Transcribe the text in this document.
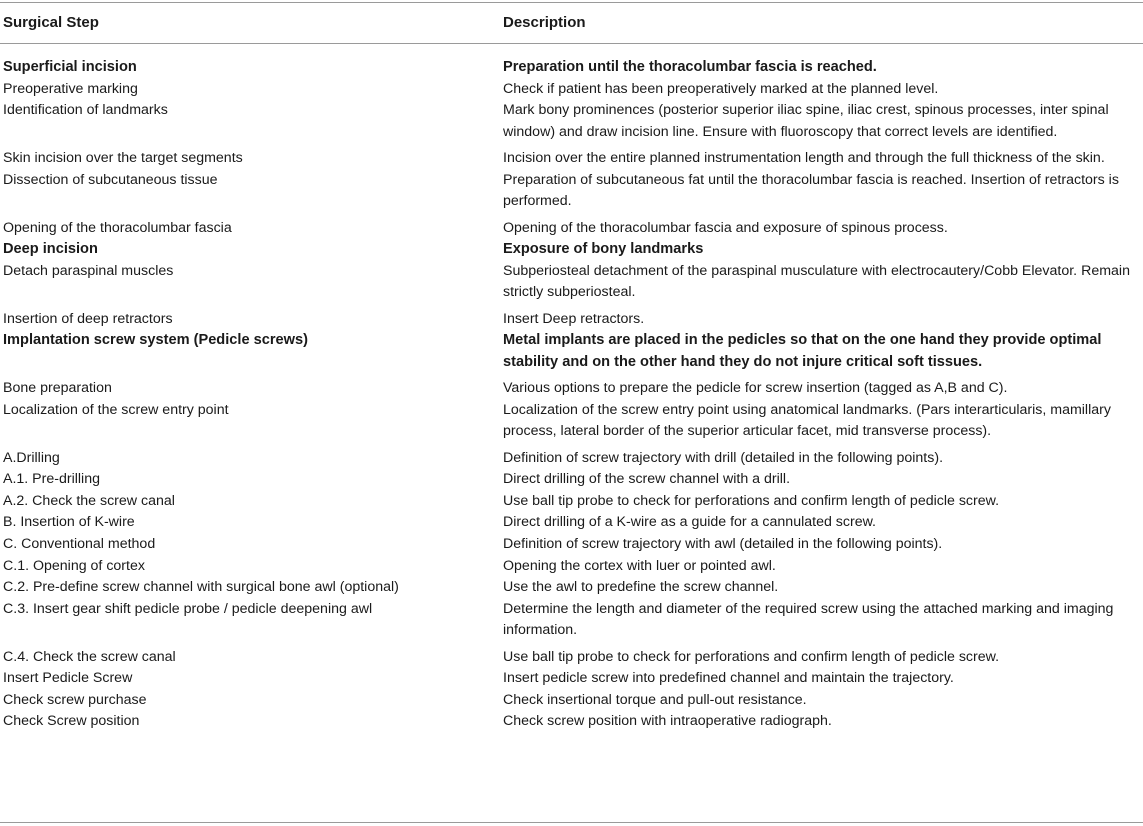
Surgical Step	Description
Superficial incision	Preparation until the thoracolumbar fascia is reached.
Preoperative marking	Check if patient has been preoperatively marked at the planned level.
Identification of landmarks	Mark bony prominences (posterior superior iliac spine, iliac crest, spinous processes, inter spinal window) and draw incision line. Ensure with fluoroscopy that correct levels are identified.
Skin incision over the target segments	Incision over the entire planned instrumentation length and through the full thickness of the skin.
Dissection of subcutaneous tissue	Preparation of subcutaneous fat until the thoracolumbar fascia is reached. Insertion of retractors is performed.
Opening of the thoracolumbar fascia	Opening of the thoracolumbar fascia and exposure of spinous process.
Deep incision	Exposure of bony landmarks
Detach paraspinal muscles	Subperiosteal detachment of the paraspinal musculature with electrocautery/Cobb Elevator. Remain strictly subperiosteal.
Insertion of deep retractors	Insert Deep retractors.
Implantation screw system (Pedicle screws)	Metal implants are placed in the pedicles so that on the one hand they provide optimal stability and on the other hand they do not injure critical soft tissues.
Bone preparation	Various options to prepare the pedicle for screw insertion (tagged as A,B and C).
Localization of the screw entry point	Localization of the screw entry point using anatomical landmarks. (Pars interarticularis, mamillary process, lateral border of the superior articular facet, mid transverse process).
A.Drilling	Definition of screw trajectory with drill (detailed in the following points).
A.1. Pre-drilling	Direct drilling of the screw channel with a drill.
A.2. Check the screw canal	Use ball tip probe to check for perforations and confirm length of pedicle screw.
B. Insertion of K-wire	Direct drilling of a K-wire as a guide for a cannulated screw.
C. Conventional method	Definition of screw trajectory with awl (detailed in the following points).
C.1. Opening of cortex	Opening the cortex with luer or pointed awl.
C.2. Pre-define screw channel with surgical bone awl (optional)	Use the awl to predefine the screw channel.
C.3. Insert gear shift pedicle probe / pedicle deepening awl	Determine the length and diameter of the required screw using the attached marking and imaging information.
C.4. Check the screw canal	Use ball tip probe to check for perforations and confirm length of pedicle screw.
Insert Pedicle Screw	Insert pedicle screw into predefined channel and maintain the trajectory.
Check screw purchase	Check insertional torque and pull-out resistance.
Check Screw position	Check screw position with intraoperative radiograph.
